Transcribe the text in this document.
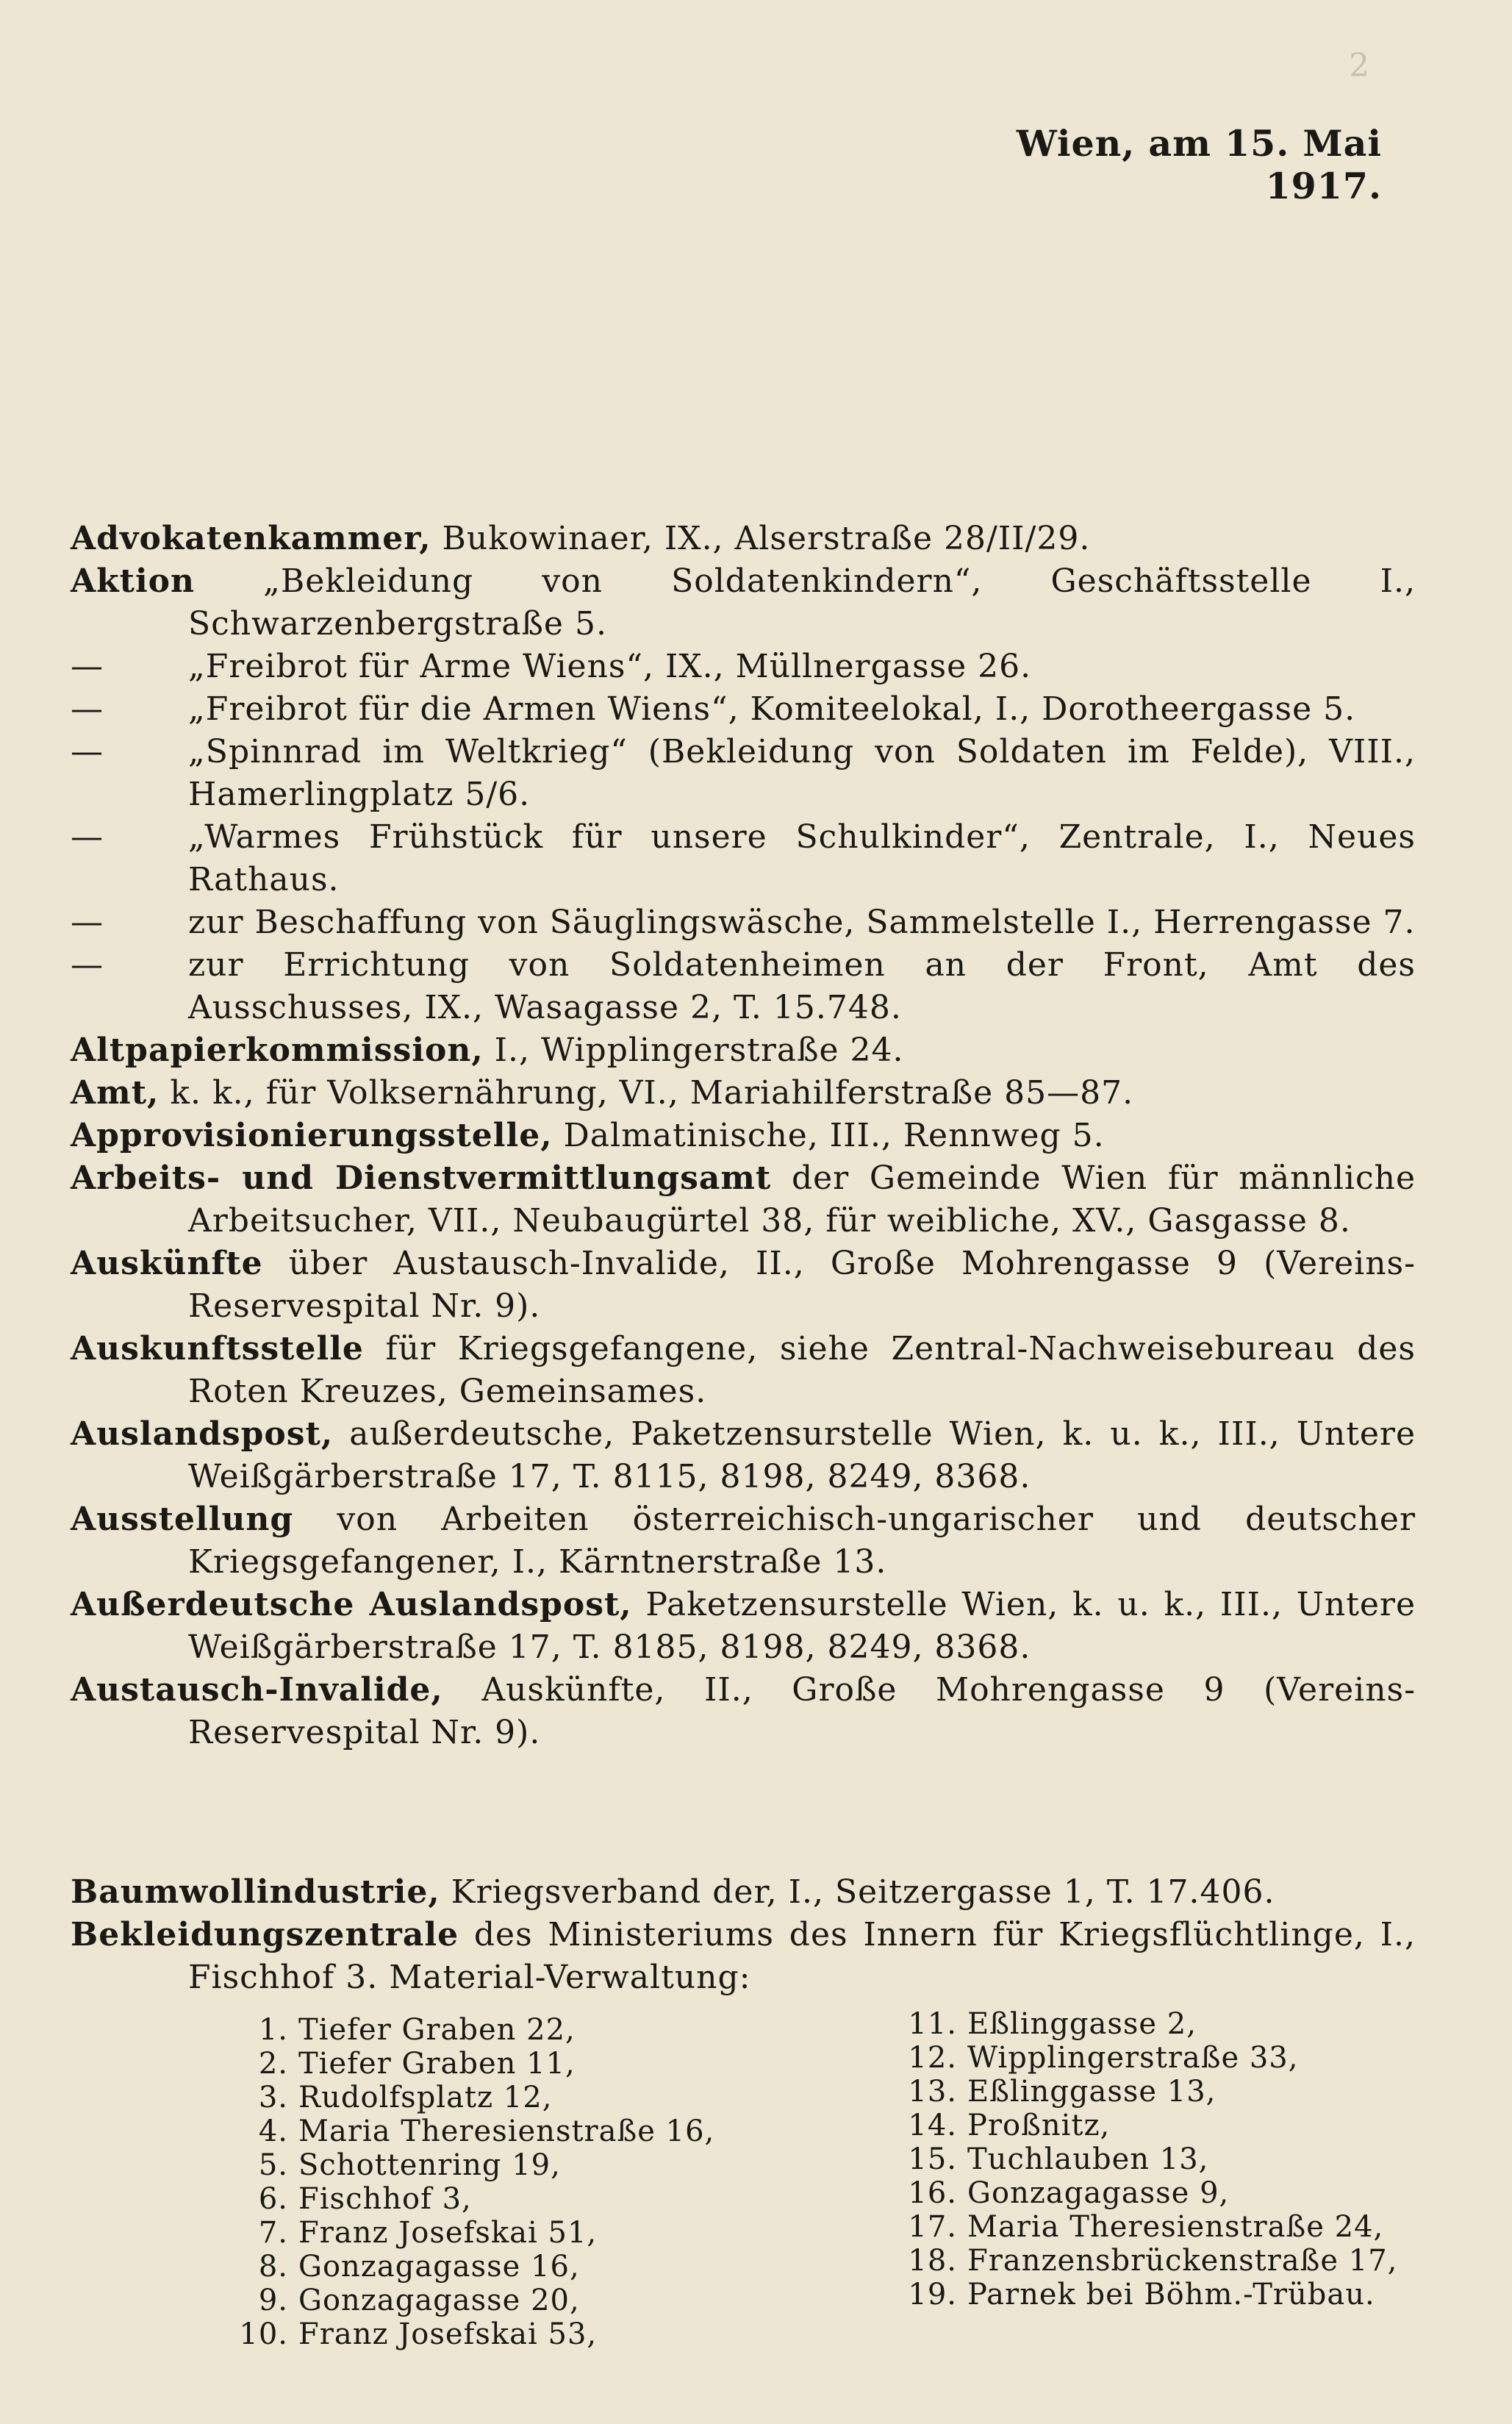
2
Wien, am 15. Mai 1917.

Advokatenkammer, Bukowinaer, IX., Alserstraße 28/II/29.

Aktion „Bekleidung von Soldatenkindern“, Geschäftsstelle I., Schwarzenbergstraße 5.

—	„Freibrot für Arme Wiens“, IX., Müllnergasse 26.

—	„Freibrot für die Armen Wiens“, Komiteelokal, I., Dorotheergasse 5.

—	„Spinnrad im Weltkrieg“ (Bekleidung von Soldaten im Felde), VIII., Hamerlingplatz 5/6.

—	„Warmes Frühstück für unsere Schulkinder“, Zentrale, I., Neues Rathaus.

—	zur Beschaffung von Säuglingswäsche, Sammelstelle I., Herrengasse 7.

—	zur Errichtung von Soldatenheimen an der Front, Amt des Ausschusses, IX., Wasagasse 2, T. 15.748.

Altpapierkommission, I., Wipplingerstraße 24.

Amt, k. k., für Volksernährung, VI., Mariahilferstraße 85—87.

Approvisionierungsstelle, Dalmatinische, III., Rennweg 5.

Arbeits- und Dienstvermittlungsamt der Gemeinde Wien für männliche Arbeitsucher, VII., Neubaugürtel 38, für weibliche, XV., Gasgasse 8.

Auskünfte über Austausch-Invalide, II., Große Mohrengasse 9 (Vereins-Reservespital Nr. 9).

Auskunftsstelle für Kriegsgefangene, siehe Zentral-Nachweisebureau des Roten Kreuzes, Gemeinsames.

Auslandspost, außerdeutsche, Paketzensurstelle Wien, k. u. k., III., Untere Weißgärberstraße 17, T. 8115, 8198, 8249, 8368.

Ausstellung von Arbeiten österreichisch-ungarischer und deutscher Kriegsgefangener, I., Kärntnerstraße 13.

Außerdeutsche Auslandspost, Paketzensurstelle Wien, k. u. k., III., Untere Weißgärberstraße 17, T. 8185, 8198, 8249, 8368.

Austausch-Invalide, Auskünfte, II., Große Mohrengasse 9 (Vereins-Reservespital Nr. 9).

Baumwollindustrie, Kriegsverband der, I., Seitzergasse 1, T. 17.406.

Bekleidungszentrale des Ministeriums des Innern für Kriegsflüchtlinge, I., Fischhof 3. Material-Verwaltung:

1. Tiefer Graben 22,
2. Tiefer Graben 11,
3. Rudolfsplatz 12,
4. Maria Theresienstraße 16,
5. Schottenring 19,
6. Fischhof 3,
7. Franz Josefskai 51,
8. Gonzagagasse 16,
9. Gonzagagasse 20,
10. Franz Josefskai 53,
11. Eßlinggasse 2,
12. Wipplingerstraße 33,
13. Eßlinggasse 13,
14. Proßnitz,
15. Tuchlauben 13,
16. Gonzagagasse 9,
17. Maria Theresienstraße 24,
18. Franzensbrückenstraße 17,
19. Parnek bei Böhm.-Trübau.
